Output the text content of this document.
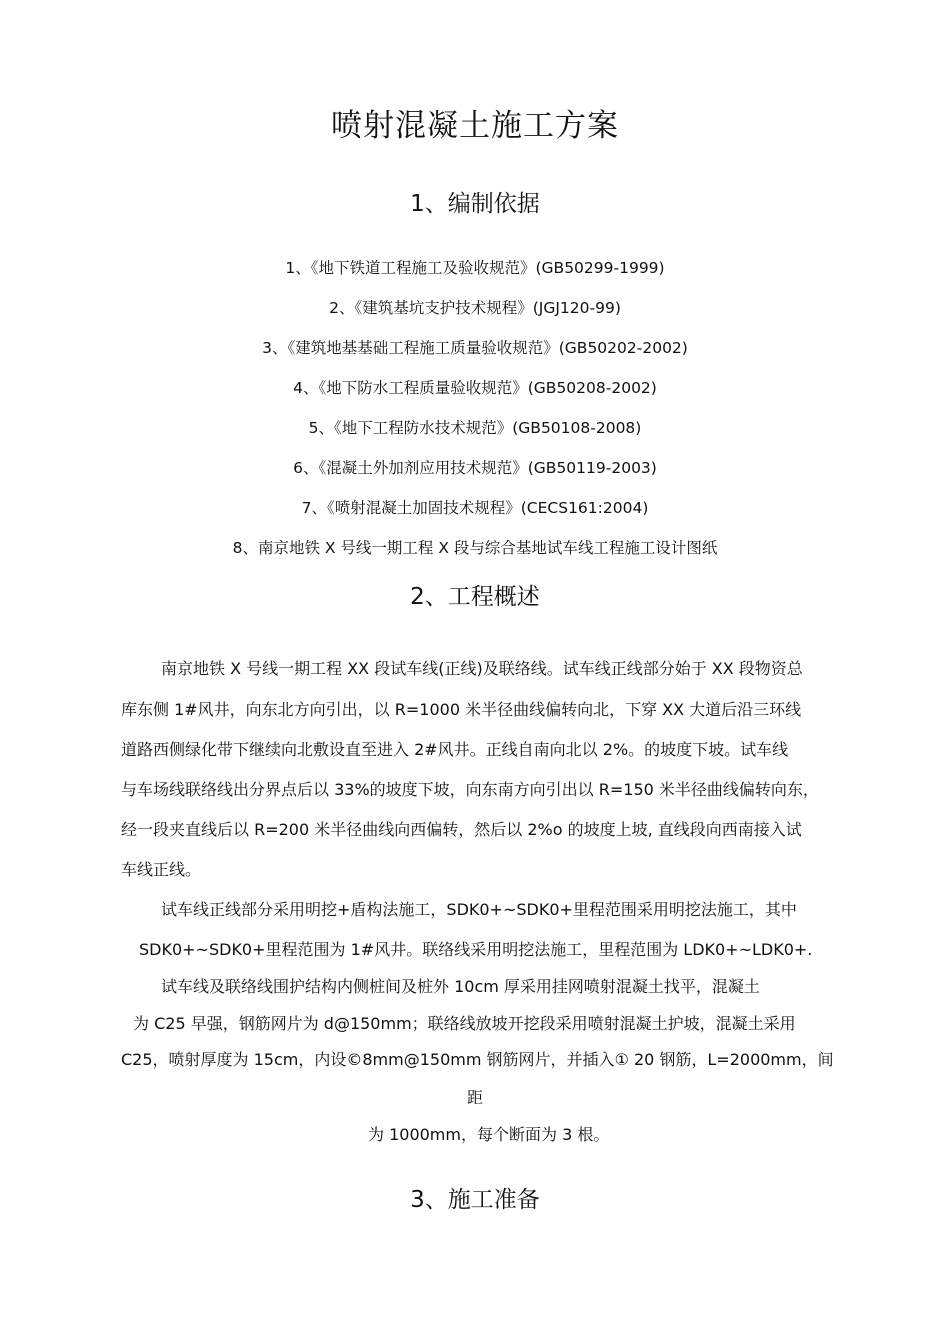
喷射混凝土施工方案
1、编制依据
1、《地下铁道工程施工及验收规范》(GB50299-1999)
2、《建筑基坑支护技术规程》(JGJ120-99)
3、《建筑地基基础工程施工质量验收规范》(GB50202-2002)
4、《地下防水工程质量验收规范》(GB50208-2002)
5、《地下工程防水技术规范》(GB50108-2008)
6、《混凝土外加剂应用技术规范》(GB50119-2003)
7、《喷射混凝土加固技术规程》(CECS161:2004)
8、南京地铁 X 号线一期工程 X 段与综合基地试车线工程施工设计图纸
2、工程概述
南京地铁 X 号线一期工程 XX 段试车线(正线)及联络线。试车线正线部分始于 XX 段物资总
库东侧 1#风井，向东北方向引出，以 R=1000 米半径曲线偏转向北，下穿 XX 大道后沿三环线
道路西侧绿化带下继续向北敷设直至进入 2#风井。正线自南向北以 2%。的坡度下坡。试车线
与车场线联络线出分界点后以 33%的坡度下坡，向东南方向引出以 R=150 米半径曲线偏转向东，
经一段夹直线后以 R=200 米半径曲线向西偏转，然后以 2%o 的坡度上坡, 直线段向西南接入试
车线正线。
试车线正线部分采用明挖+盾构法施工，SDK0+~SDK0+里程范围采用明挖法施工，其中
SDK0+~SDK0+里程范围为 1#风井。联络线采用明挖法施工，里程范围为 LDK0+~LDK0+.
试车线及联络线围护结构内侧桩间及桩外 10cm 厚采用挂网喷射混凝土找平，混凝土
为 C25 早强，钢筋网片为 d@150mm；联络线放坡开挖段采用喷射混凝土护坡，混凝土采用
C25，喷射厚度为 15cm，内设©8mm@150mm 钢筋网片，并插入① 20 钢筋，L=2000mm，间
距
为 1000mm，每个断面为 3 根。
3、施工准备
